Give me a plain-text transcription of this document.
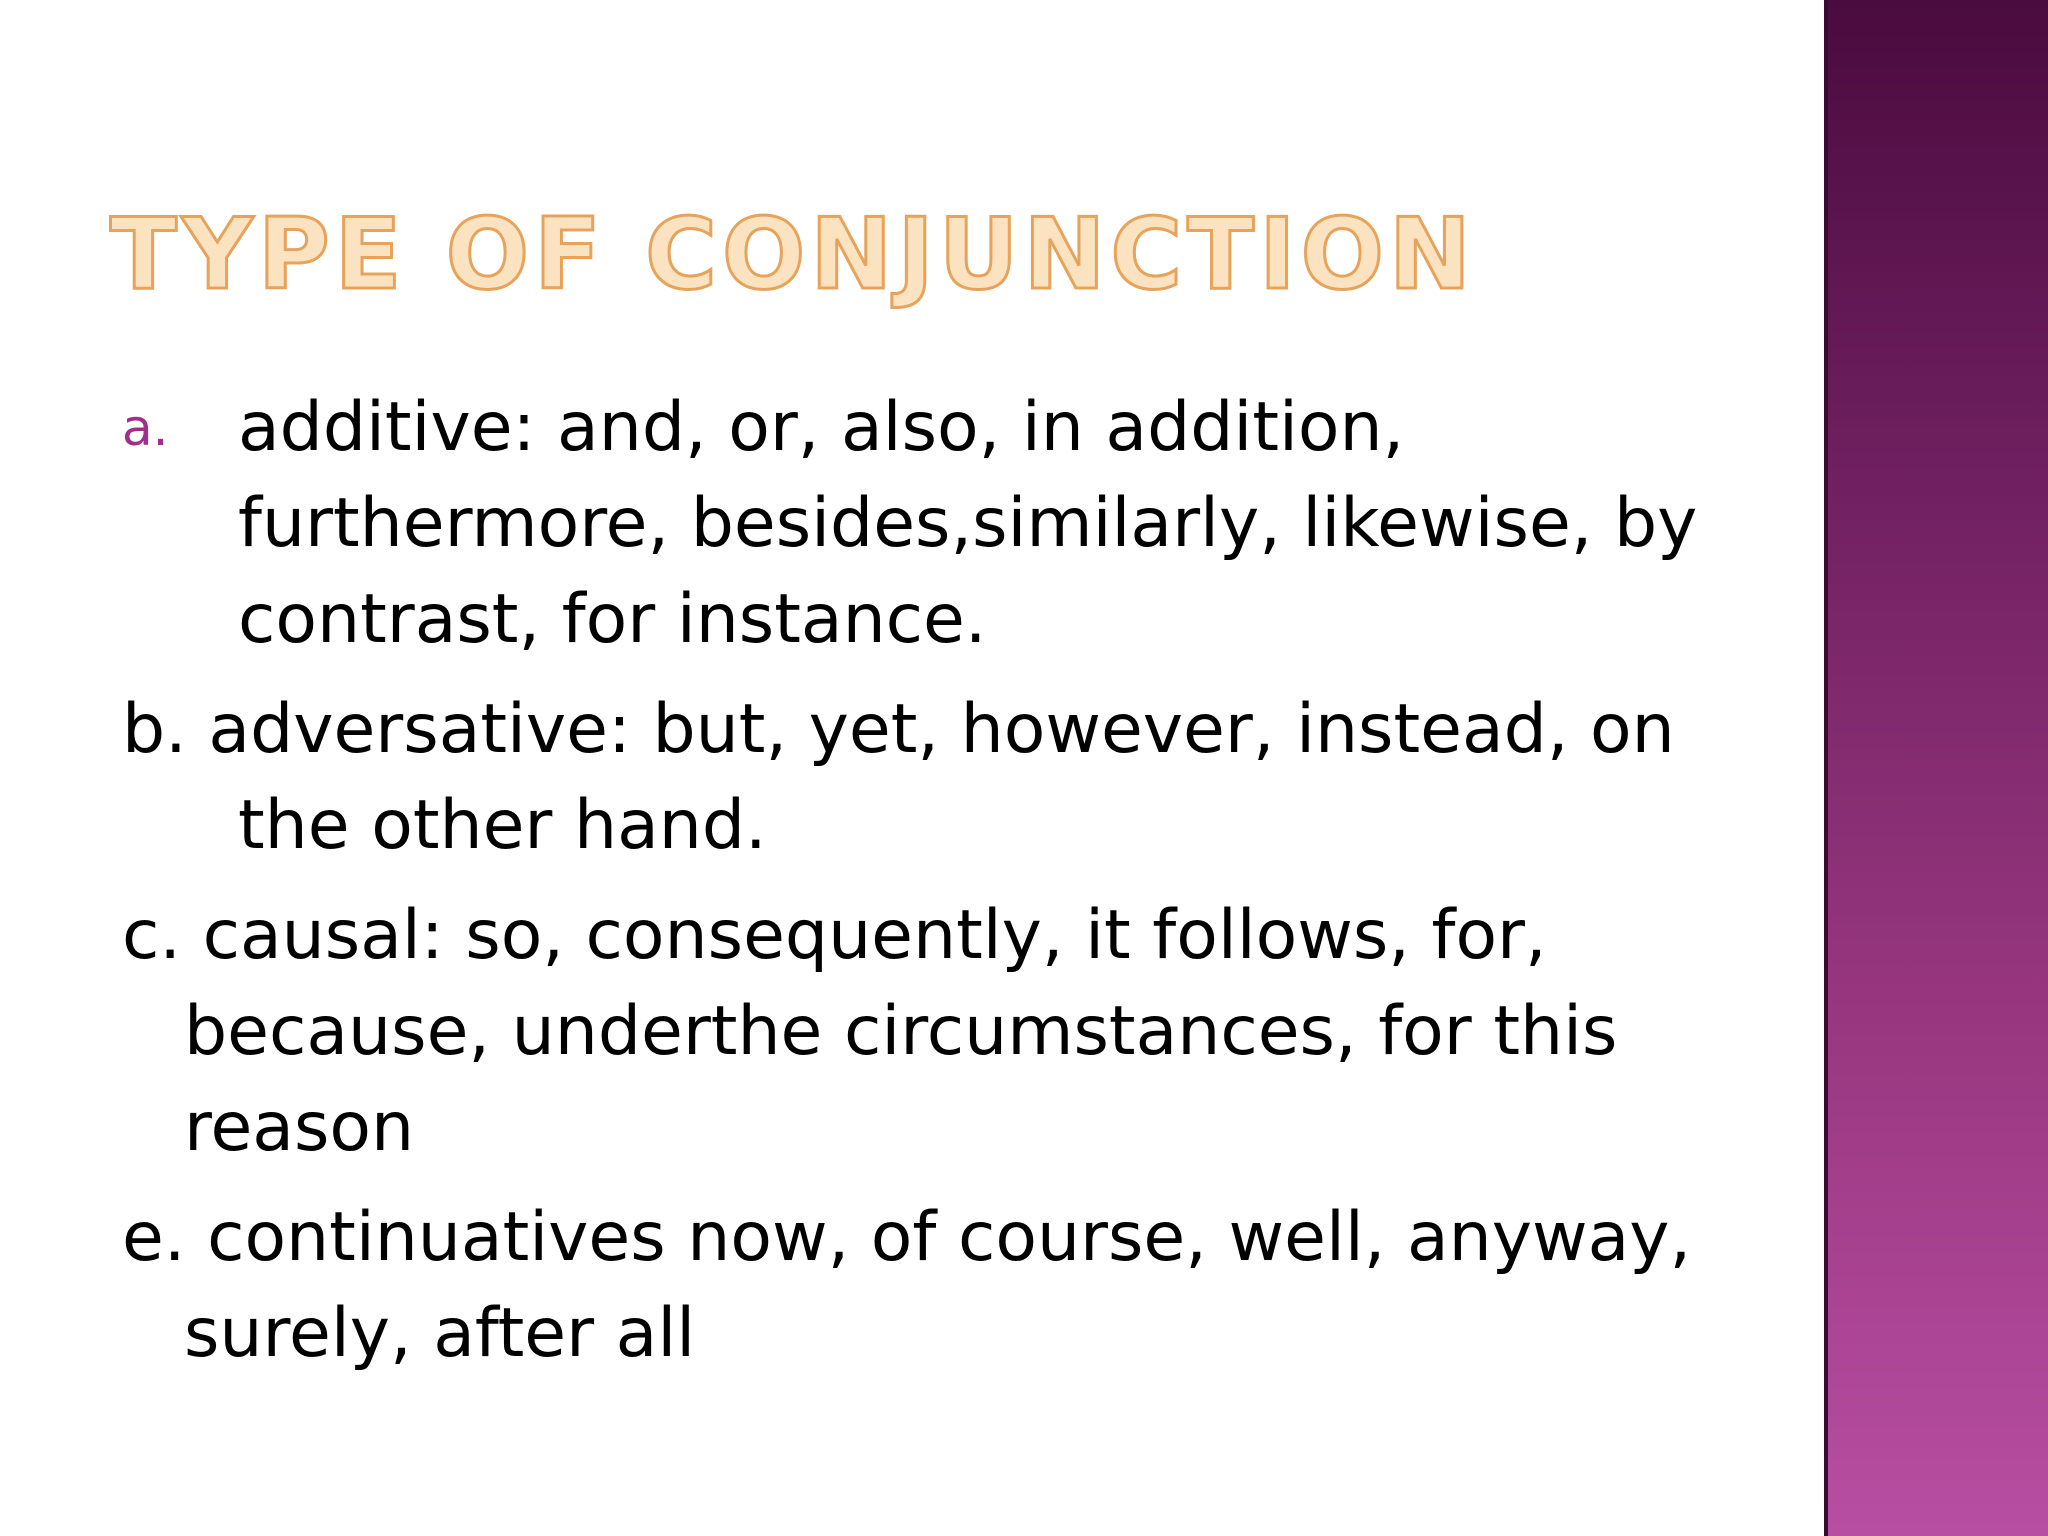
TYPE OF CONJUNCTION
a. additive: and, or, also, in addition, furthermore, besides,similarly, likewise, by contrast, for instance.
b. adversative: but, yet, however, instead, on the other hand.
c. causal: so, consequently, it follows, for, because, underthe circumstances, for this reason
e. continuatives now, of course, well, anyway, surely, after all
